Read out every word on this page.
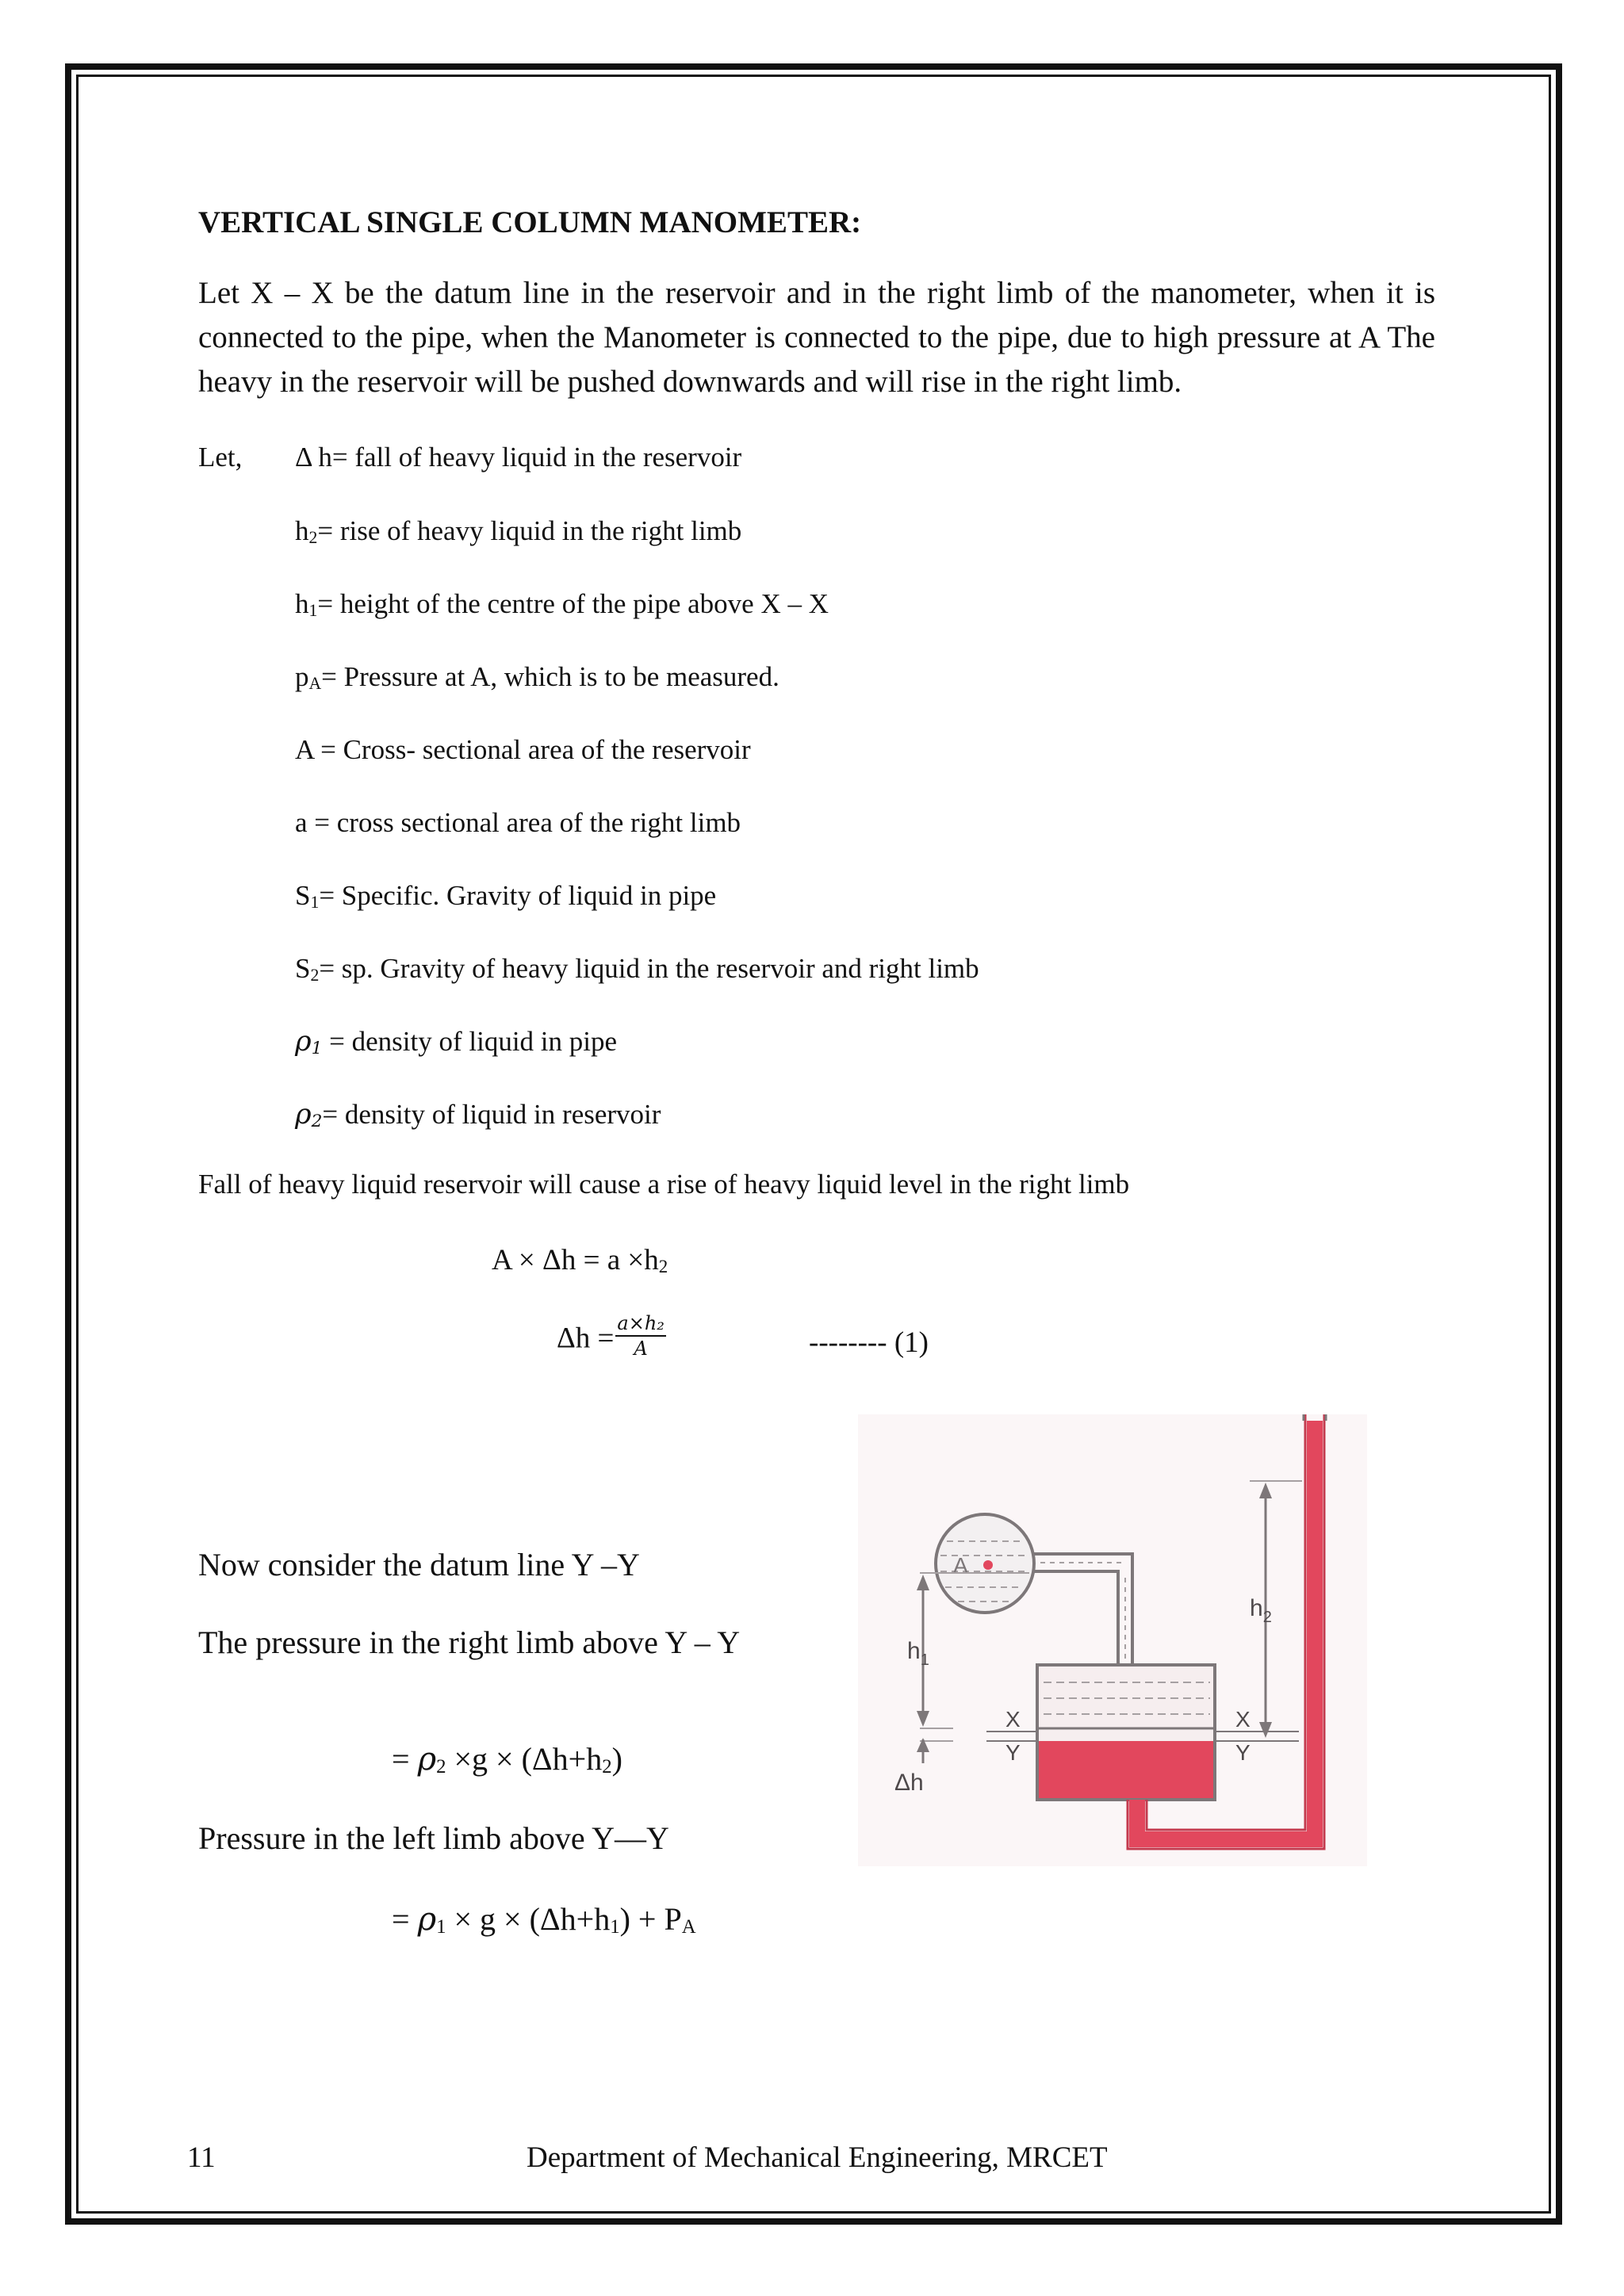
VERTICAL SINGLE COLUMN MANOMETER:
Let X – X be the datum line in the reservoir and in the right limb of the manometer, when it is connected to the pipe, when the Manometer is connected to the pipe, due to high pressure at A The heavy in the reservoir will be pushed downwards and will rise in the right limb.
Let, Δ h= fall of heavy liquid in the reservoir
$h_2=$ rise of heavy liquid in the right limb
$h_1=$ height of the centre of the pipe above X – X
$p_A=$ Pressure at A, which is to be measured.
A = Cross- sectional area of the reservoir
a = cross sectional area of the right limb
$S_1=$ Specific. Gravity of liquid in pipe
$S_2=$ sp. Gravity of heavy liquid in the reservoir and right limb
$\rho_1$ = density of liquid in pipe
$\rho_2=$ density of liquid in reservoir
Fall of heavy liquid reservoir will cause a rise of heavy liquid level in the right limb
$A \times \Delta h = a \times h_2$
$\Delta h = \frac{\text{a×h₂}}{A}$	-------- (1)
Now consider the datum line Y –Y
The pressure in the right limb above Y – Y
= $\rho_2 \times g \times (\Delta h+h_2)$
Pressure in the left limb above Y—Y
= $\rho_1 \times g \times (\Delta h+h_1) + P_A$
A
$h_2$
$h_1$
Δh
X
Y
X
Y
11	Department of Mechanical Engineering, MRCET
